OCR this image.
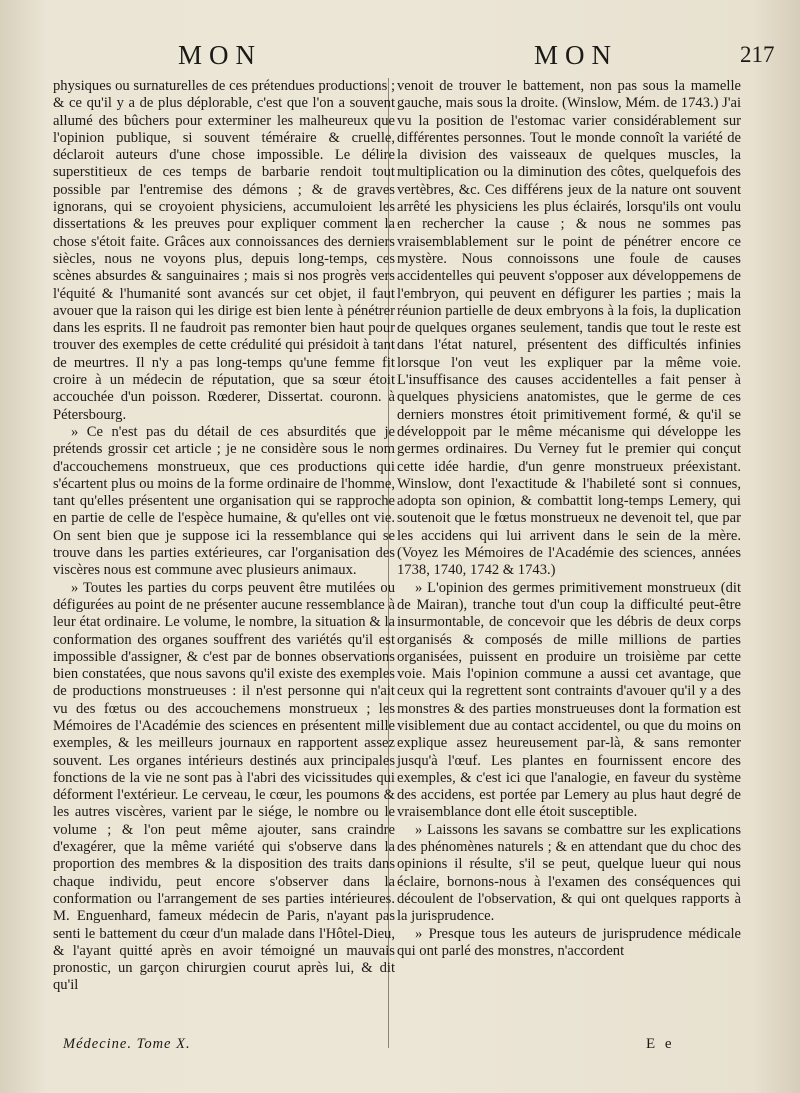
MON	MON	217

physiques ou surnaturelles de ces prétendues productions ; & ce qu'il y a de plus déplorable, c'est que l'on a souvent allumé des bûchers pour exterminer les malheureux que l'opinion publique, si souvent téméraire & cruelle, déclaroit auteurs d'une chose impossible. Le délire superstitieux de ces temps de barbarie rendoit tout possible par l'entremise des démons ; & de graves ignorans, qui se croyoient physiciens, accumuloient les dissertations & les preuves pour expliquer comment la chose s'étoit faite. Grâces aux connoissances des derniers siècles, nous ne voyons plus, depuis long-temps, ces scènes absurdes & sanguinaires ; mais si nos progrès vers l'équité & l'humanité sont avancés sur cet objet, il faut avouer que la raison qui les dirige est bien lente à pénétrer dans les esprits. Il ne faudroit pas remonter bien haut pour trouver des exemples de cette crédulité qui présidoit à tant de meurtres. Il n'y a pas long-temps qu'une femme fit croire à un médecin de réputation, que sa sœur étoit accouchée d'un poisson. Rœderer, Dissertat. couronn. à Pétersbourg.

» Ce n'est pas du détail de ces absurdités que je prétends grossir cet article ; je ne considère sous le nom d'accouchemens monstrueux, que ces productions qui s'écartent plus ou moins de la forme ordinaire de l'homme, tant qu'elles présentent une organisation qui se rapproche en partie de celle de l'espèce humaine, & qu'elles ont vie. On sent bien que je suppose ici la ressemblance qui se trouve dans les parties extérieures, car l'organisation des viscères nous est commune avec plusieurs animaux.

» Toutes les parties du corps peuvent être mutilées ou défigurées au point de ne présenter aucune ressemblance à leur état ordinaire. Le volume, le nombre, la situation & la conformation des organes souffrent des variétés qu'il est impossible d'assigner, & c'est par de bonnes observations bien constatées, que nous savons qu'il existe des exemples de productions monstrueuses : il n'est personne qui n'ait vu des fœtus ou des accouchemens monstrueux ; les Mémoires de l'Académie des sciences en présentent mille exemples, & les meilleurs journaux en rapportent assez souvent. Les organes intérieurs destinés aux principales fonctions de la vie ne sont pas à l'abri des vicissitudes qui déforment l'extérieur. Le cerveau, le cœur, les poumons & les autres viscères, varient par le siége, le nombre ou le volume ; & l'on peut même ajouter, sans craindre d'exagérer, que la même variété qui s'observe dans la proportion des membres & la disposition des traits dans chaque individu, peut encore s'observer dans la conformation ou l'arrangement de ses parties intérieures. M. Enguenhard, fameux médecin de Paris, n'ayant pas senti le battement du cœur d'un malade dans l'Hôtel-Dieu, & l'ayant quitté après en avoir témoigné un mauvais pronostic, un garçon chirurgien courut après lui, & dit qu'il

venoit de trouver le battement, non pas sous la mamelle gauche, mais sous la droite. (Winslow, Mém. de 1743.) J'ai vu la position de l'estomac varier considérablement sur différentes personnes. Tout le monde connoît la variété de la division des vaisseaux de quelques muscles, la multiplication ou la diminution des côtes, quelquefois des vertèbres, &c. Ces différens jeux de la nature ont souvent arrêté les physiciens les plus éclairés, lorsqu'ils ont voulu en rechercher la cause ; & nous ne sommes pas vraisemblablement sur le point de pénétrer encore ce mystère. Nous connoissons une foule de causes accidentelles qui peuvent s'opposer aux développemens de l'embryon, qui peuvent en défigurer les parties ; mais la réunion partielle de deux embryons à la fois, la duplication de quelques organes seulement, tandis que tout le reste est dans l'état naturel, présentent des difficultés infinies lorsque l'on veut les expliquer par la même voie. L'insuffisance des causes accidentelles a fait penser à quelques physiciens anatomistes, que le germe de ces derniers monstres étoit primitivement formé, & qu'il se développoit par le même mécanisme qui développe les germes ordinaires. Du Verney fut le premier qui conçut cette idée hardie, d'un genre monstrueux préexistant. Winslow, dont l'exactitude & l'habileté sont si connues, adopta son opinion, & combattit long-temps Lemery, qui soutenoit que le fœtus monstrueux ne devenoit tel, que par les accidens qui lui arrivent dans le sein de la mère. (Voyez les Mémoires de l'Académie des sciences, années 1738, 1740, 1742 & 1743.)

» L'opinion des germes primitivement monstrueux (dit de Mairan), tranche tout d'un coup la difficulté peut-être insurmontable, de concevoir que les débris de deux corps organisés & composés de mille millions de parties organisées, puissent en produire un troisième par cette voie. Mais l'opinion commune a aussi cet avantage, que ceux qui la regrettent sont contraints d'avouer qu'il y a des monstres & des parties monstrueuses dont la formation est visiblement due au contact accidentel, ou que du moins on explique assez heureusement par-là, & sans remonter jusqu'à l'œuf. Les plantes en fournissent encore des exemples, & c'est ici que l'analogie, en faveur du système des accidens, est portée par Lemery au plus haut degré de vraisemblance dont elle étoit susceptible.

» Laissons les savans se combattre sur les explications des phénomènes naturels ; & en attendant que du choc des opinions il résulte, s'il se peut, quelque lueur qui nous éclaire, bornons-nous à l'examen des conséquences qui découlent de l'observation, & qui ont quelques rapports à la jurisprudence.

» Presque tous les auteurs de jurisprudence médicale qui ont parlé des monstres, n'accordent

Médecine. Tome X.	E e
